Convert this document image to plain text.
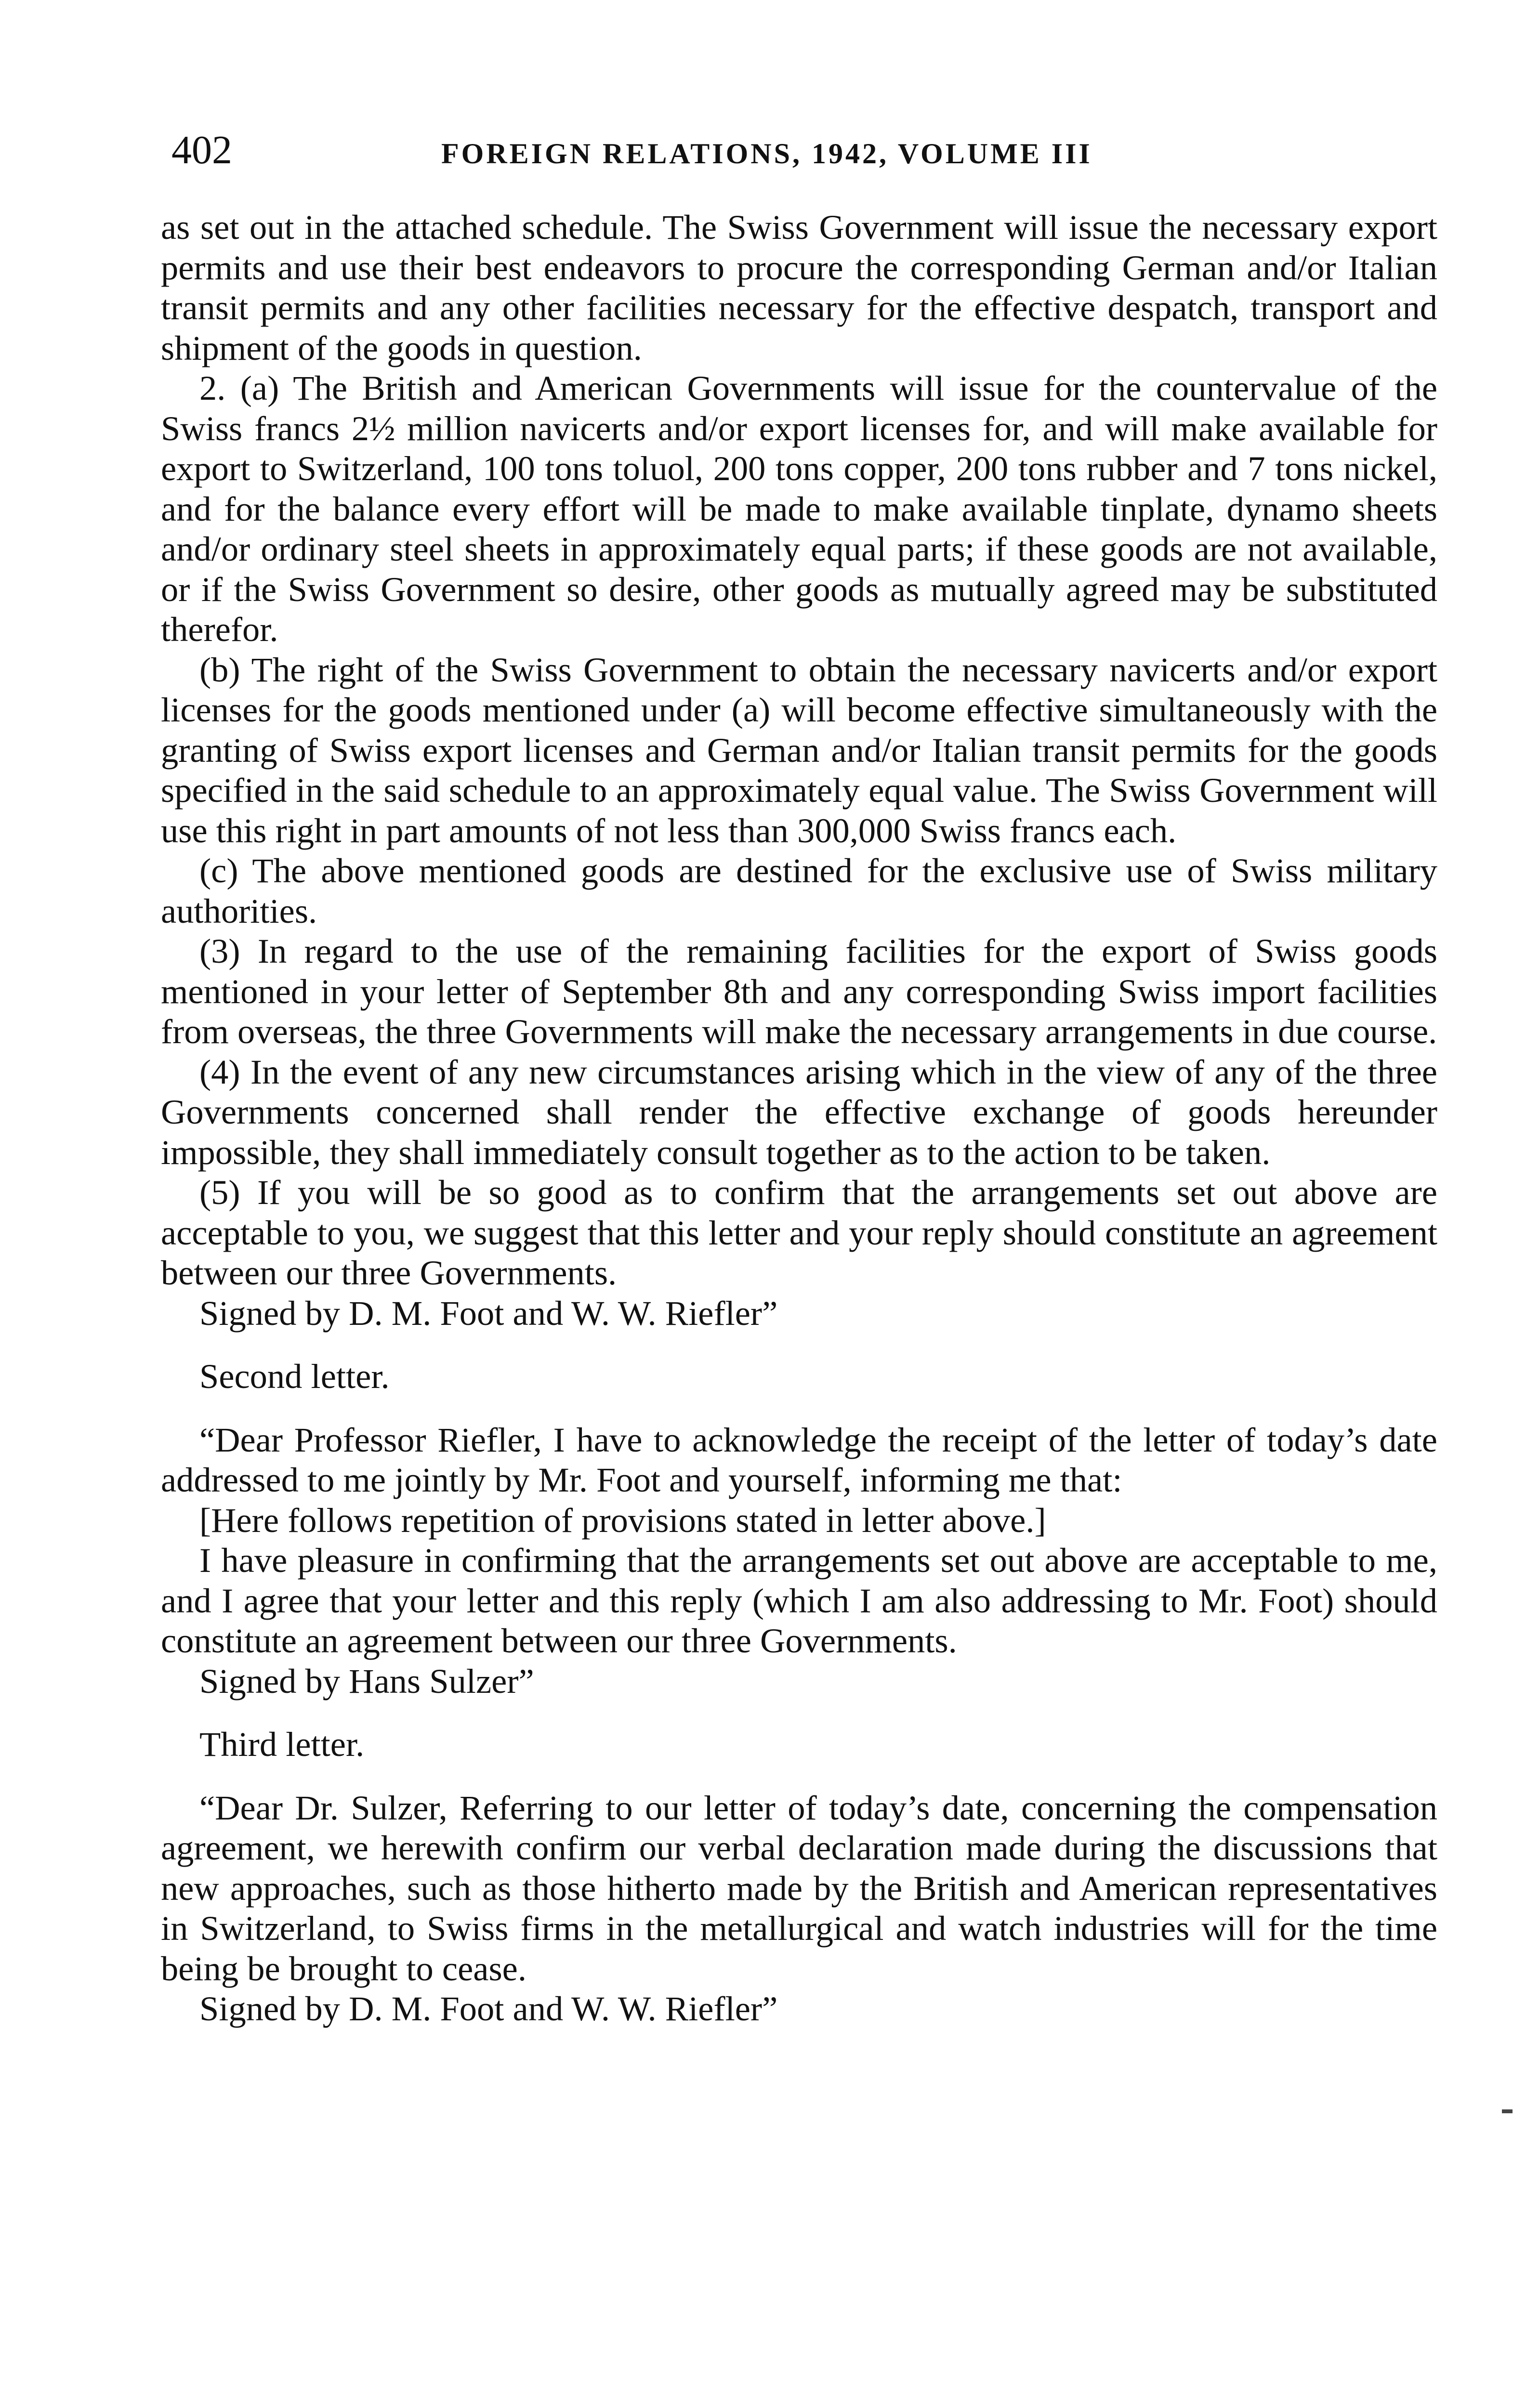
402	FOREIGN RELATIONS, 1942, VOLUME III

as set out in the attached schedule. The Swiss Government will issue the necessary export permits and use their best endeavors to procure the corresponding German and/or Italian transit permits and any other facilities necessary for the effective despatch, transport and shipment of the goods in question.

2. (a) The British and American Governments will issue for the countervalue of the Swiss francs 2½ million navicerts and/or export licenses for, and will make available for export to Switzerland, 100 tons toluol, 200 tons copper, 200 tons rubber and 7 tons nickel, and for the balance every effort will be made to make available tinplate, dynamo sheets and/or ordinary steel sheets in approximately equal parts; if these goods are not available, or if the Swiss Government so desire, other goods as mutually agreed may be substituted therefor.

(b) The right of the Swiss Government to obtain the necessary navicerts and/or export licenses for the goods mentioned under (a) will become effective simultaneously with the granting of Swiss export licenses and German and/or Italian transit permits for the goods specified in the said schedule to an approximately equal value. The Swiss Government will use this right in part amounts of not less than 300,000 Swiss francs each.

(c) The above mentioned goods are destined for the exclusive use of Swiss military authorities.

(3) In regard to the use of the remaining facilities for the export of Swiss goods mentioned in your letter of September 8th and any corresponding Swiss import facilities from overseas, the three Governments will make the necessary arrangements in due course.

(4) In the event of any new circumstances arising which in the view of any of the three Governments concerned shall render the effective exchange of goods hereunder impossible, they shall immediately consult together as to the action to be taken.

(5) If you will be so good as to confirm that the arrangements set out above are acceptable to you, we suggest that this letter and your reply should constitute an agreement between our three Governments.

Signed by D. M. Foot and W. W. Riefler”

Second letter.

“Dear Professor Riefler, I have to acknowledge the receipt of the letter of today’s date addressed to me jointly by Mr. Foot and yourself, informing me that:

[Here follows repetition of provisions stated in letter above.]

I have pleasure in confirming that the arrangements set out above are acceptable to me, and I agree that your letter and this reply (which I am also addressing to Mr. Foot) should constitute an agreement between our three Governments.

Signed by Hans Sulzer”

Third letter.

“Dear Dr. Sulzer, Referring to our letter of today’s date, concerning the compensation agreement, we herewith confirm our verbal declaration made during the discussions that new approaches, such as those hitherto made by the British and American representatives in Switzerland, to Swiss firms in the metallurgical and watch industries will for the time being be brought to cease.

Signed by D. M. Foot and W. W. Riefler”
